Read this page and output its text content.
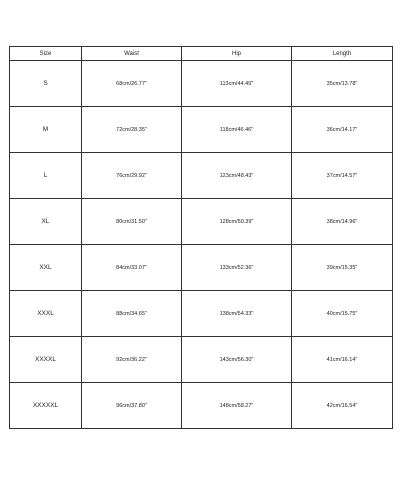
Size	Waist	Hip	Length
S	68cm/26.77"	113cm/44.49"	35cm/13.78"
M	72cm/28.35"	118cm/46.46"	36cm/14.17"
L	76cm/29.92"	123cm/48.43"	37cm/14.57"
XL	80cm/31.50"	128cm/50.39"	38cm/14.96"
XXL	84cm/33.07"	133cm/52.36"	39cm/15.35"
XXXL	88cm/34.65"	138cm/54.33"	40cm/15.75"
XXXXL	92cm/36.22"	143cm/56.30"	41cm/16.14"
XXXXXL	96cm/37.80"	148cm/58.27"	42cm/16.54"
